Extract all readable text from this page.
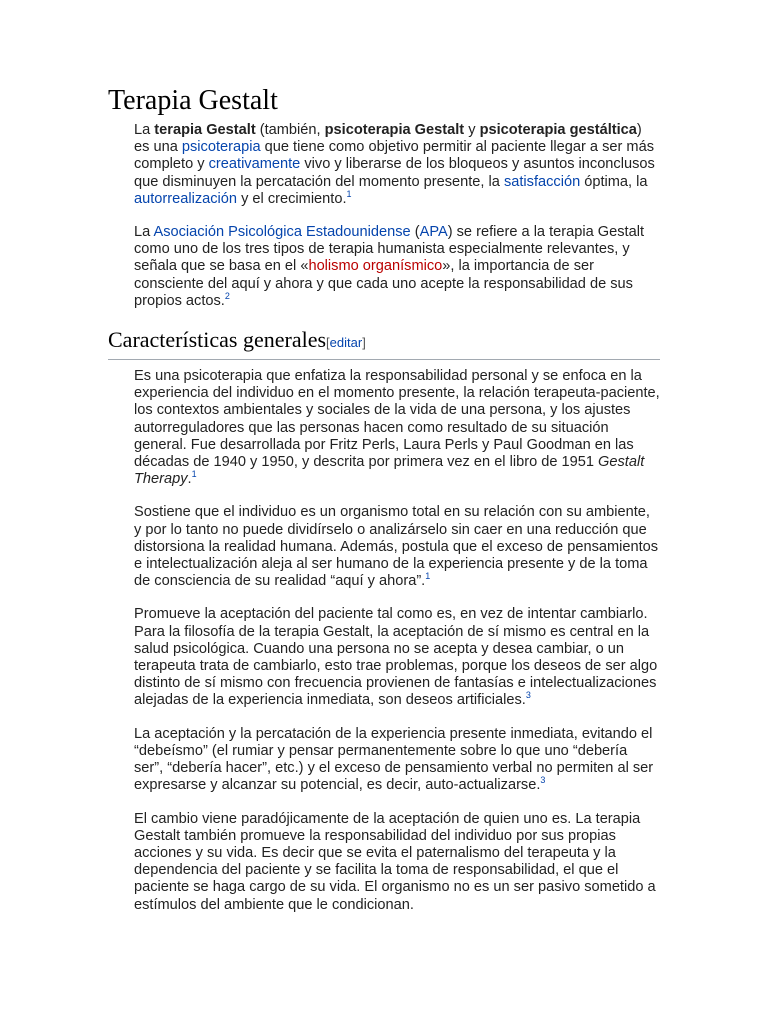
Terapia Gestalt

La terapia Gestalt (también, psicoterapia Gestalt y psicoterapia gestáltica) es una psicoterapia que tiene como objetivo permitir al paciente llegar a ser más completo y creativamente vivo y liberarse de los bloqueos y asuntos inconclusos que disminuyen la percatación del momento presente, la satisfacción óptima, la autorrealización y el crecimiento.$^1$

La Asociación Psicológica Estadounidense (APA) se refiere a la terapia Gestalt como uno de los tres tipos de terapia humanista especialmente relevantes, y señala que se basa en el «holismo organísmico», la importancia de ser consciente del aquí y ahora y que cada uno acepte la responsabilidad de sus propios actos.$^2$

Características generales[editar]

Es una psicoterapia que enfatiza la responsabilidad personal y se enfoca en la experiencia del individuo en el momento presente, la relación terapeuta-paciente, los contextos ambientales y sociales de la vida de una persona, y los ajustes autorreguladores que las personas hacen como resultado de su situación general. Fue desarrollada por Fritz Perls, Laura Perls y Paul Goodman en las décadas de 1940 y 1950, y descrita por primera vez en el libro de 1951 Gestalt Therapy.$^1$

Sostiene que el individuo es un organismo total en su relación con su ambiente, y por lo tanto no puede dividírselo o analizárselo sin caer en una reducción que distorsiona la realidad humana. Además, postula que el exceso de pensamientos e intelectualización aleja al ser humano de la experiencia presente y de la toma de consciencia de su realidad “aquí y ahora”.$^1$

Promueve la aceptación del paciente tal como es, en vez de intentar cambiarlo. Para la filosofía de la terapia Gestalt, la aceptación de sí mismo es central en la salud psicológica. Cuando una persona no se acepta y desea cambiar, o un terapeuta trata de cambiarlo, esto trae problemas, porque los deseos de ser algo distinto de sí mismo con frecuencia provienen de fantasías e intelectualizaciones alejadas de la experiencia inmediata, son deseos artificiales.$^3$

La aceptación y la percatación de la experiencia presente inmediata, evitando el “debeísmo” (el rumiar y pensar permanentemente sobre lo que uno “debería ser”, “debería hacer”, etc.) y el exceso de pensamiento verbal no permiten al ser expresarse y alcanzar su potencial, es decir, auto-actualizarse.$^3$

El cambio viene paradójicamente de la aceptación de quien uno es. La terapia Gestalt también promueve la responsabilidad del individuo por sus propias acciones y su vida. Es decir que se evita el paternalismo del terapeuta y la dependencia del paciente y se facilita la toma de responsabilidad, el que el paciente se haga cargo de su vida. El organismo no es un ser pasivo sometido a estímulos del ambiente que le condicionan.
